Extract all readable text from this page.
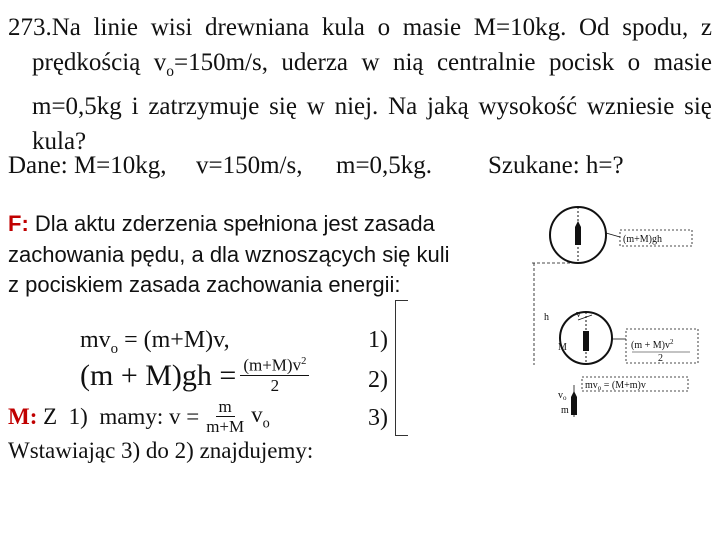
273.Na linie wisi drewniana kula o masie M=10kg. Od spodu, z
prędkością $v_o=150m/s$, uderza w nią centralnie pocisk o masie
m=0,5kg i zatrzymuje się w niej. Na jaką wysokość wzniesie się
kula?
Dane: M=10kg, v=150m/s, m=0,5kg. Szukane: h=?
F: Dla aktu zderzenia spełniona jest zasada
zachowania pędu, a dla wznoszących się kuli
z pociskiem zasada zachowania energii:
$mv_o = (m+M)v$,	1)
$(m + M)gh = \frac{(m+M)v^2}{2} 2$)
M: Z  1)  mamy: $v = \frac{m}{m+M} v_o$	3)
Wstawiając 3) do 2) znajdujemy:
(m+M)gh
h
M
v
$(m + M)v^2$
2
$mv_o = (M+m)v$
$v_o$
m
